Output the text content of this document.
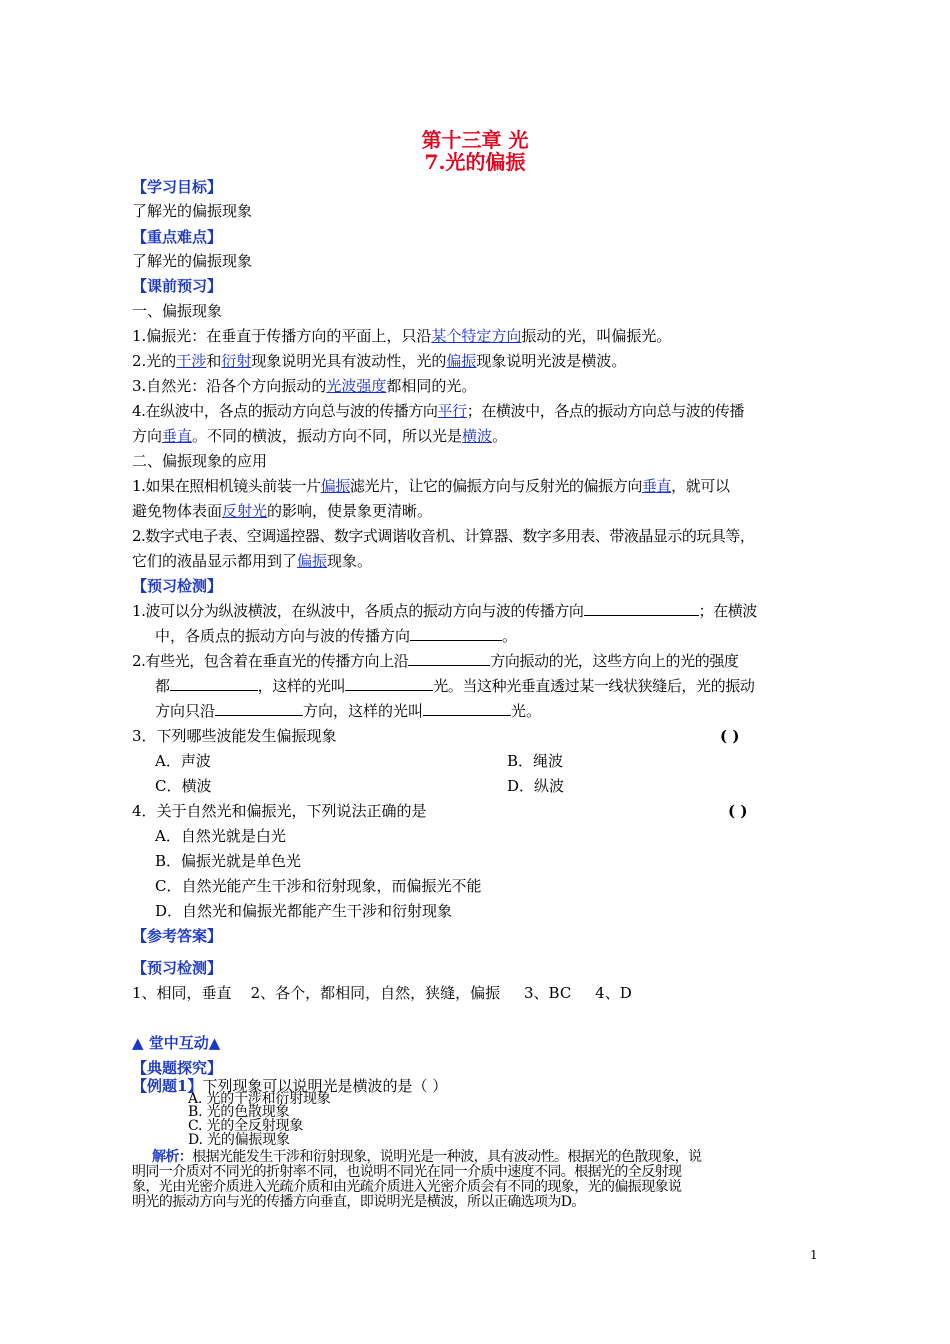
第十三章 光
7.光的偏振
【学习目标】
了解光的偏振现象
【重点难点】
了解光的偏振现象
【课前预习】
一、偏振现象
1.偏振光：在垂直于传播方向的平面上，只沿某个特定方向振动的光，叫偏振光。
2.光的干涉和衍射现象说明光具有波动性，光的偏振现象说明光波是横波。
3.自然光：沿各个方向振动的光波强度都相同的光。
4.在纵波中，各点的振动方向总与波的传播方向平行；在横波中，各点的振动方向总与波的传播
方向垂直。不同的横波，振动方向不同，所以光是横波。
二、偏振现象的应用
1.如果在照相机镜头前装一片偏振滤光片，让它的偏振方向与反射光的偏振方向垂直，就可以
避免物体表面反射光的影响，使景象更清晰。
2.数字式电子表、空调遥控器、数字式调谐收音机、计算器、数字多用表、带液晶显示的玩具等，
它们的液晶显示都用到了偏振现象。
【预习检测】
1.波可以分为纵波横波，在纵波中，各质点的振动方向与波的传播方向	；在横波
中，各质点的振动方向与波的传播方向	。
2.有些光，包含着在垂直光的传播方向上沿	方向振动的光，这些方向上的光的强度
都	，这样的光叫	光。当这种光垂直透过某一线状狭缝后，光的振动
方向只沿	方向，这样的光叫	光。
3．下列哪些波能发生偏振现象	( )
A．声波	B．绳波
C．横波	D．纵波
4．关于自然光和偏振光，下列说法正确的是	( )
A．自然光就是白光
B．偏振光就是单色光
C．自然光能产生干涉和衍射现象，而偏振光不能
D．自然光和偏振光都能产生干涉和衍射现象
【参考答案】
【预习检测】
1、相同，垂直    2、各个，都相同，自然，狭缝，偏振     3、BC     4、D
▲ 堂中互动▲
【典题探究】
【例题1】下列现象可以说明光是横波的是（ ）
A. 光的干涉和衍射现象
B. 光的色散现象
C. 光的全反射现象
D. 光的偏振现象
解析：根据光能发生干涉和衍射现象，说明光是一种波，具有波动性。根据光的色散现象，说
明同一介质对不同光的折射率不同，也说明不同光在同一介质中速度不同。根据光的全反射现
象，光由光密介质进入光疏介质和由光疏介质进入光密介质会有不同的现象，光的偏振现象说
明光的振动方向与光的传播方向垂直，即说明光是横波，所以正确选项为D。
1
